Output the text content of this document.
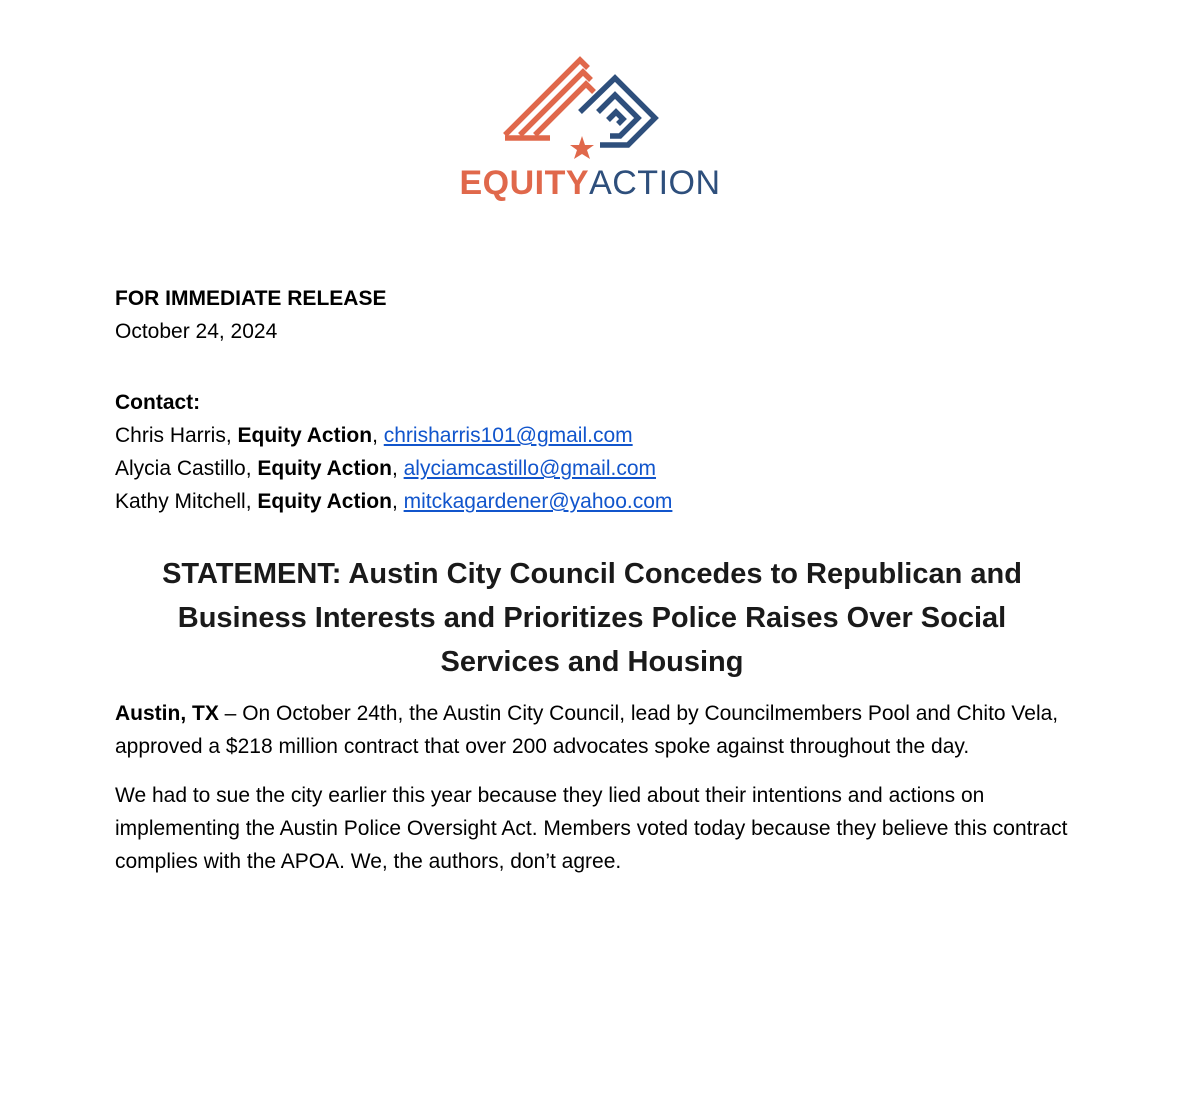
EQUITYACTION
FOR IMMEDIATE RELEASE
October 24, 2024
Contact:
Chris Harris, Equity Action, chrisharris101@gmail.com
Alycia Castillo, Equity Action, alyciamcastillo@gmail.com
Kathy Mitchell, Equity Action, mitckagardener@yahoo.com
STATEMENT: Austin City Council Concedes to Republican and
Business Interests and Prioritizes Police Raises Over Social
Services and Housing

Austin, TX – On October 24th, the Austin City Council, lead by Councilmembers Pool and Chito Vela, approved a $218 million contract that over 200 advocates spoke against throughout the day.

We had to sue the city earlier this year because they lied about their intentions and actions on implementing the Austin Police Oversight Act. Members voted today because they believe this contract complies with the APOA. We, the authors, don’t agree.
